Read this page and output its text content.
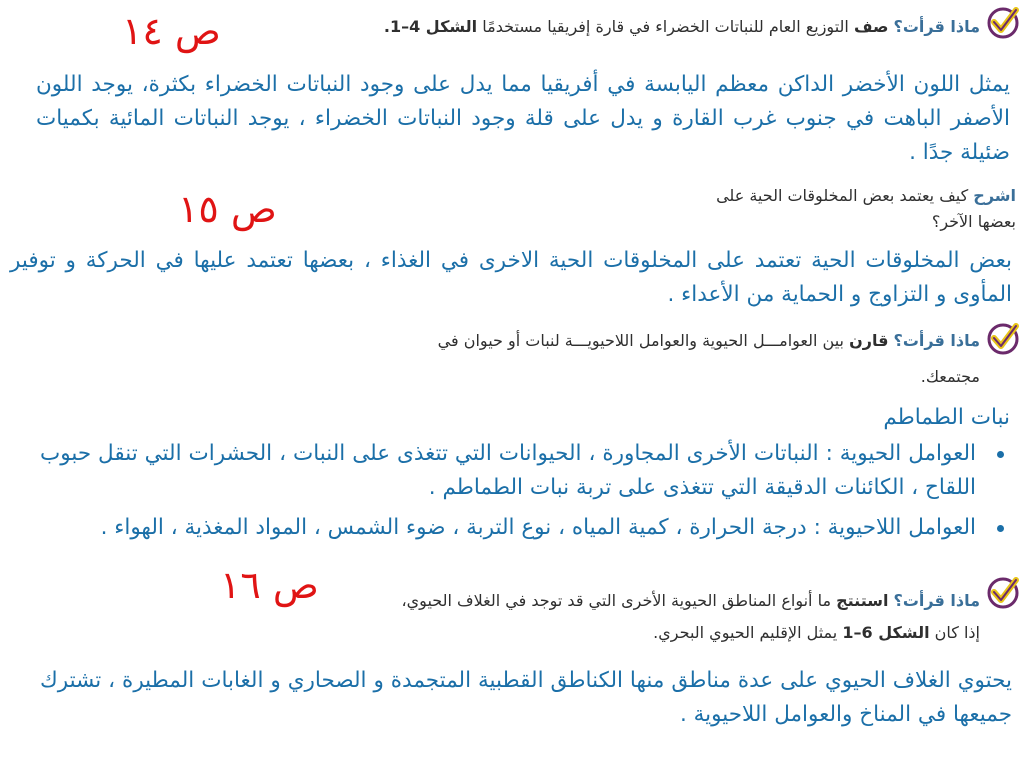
ص ١٤	ماذا قرأت؟ صف التوزيع العام للنباتات الخضراء في قارة إفريقيا مستخدمًا الشكل 4–1.
يمثل اللون الأخضر الداكن معظم اليابسة في أفريقيا مما يدل على وجود النباتات الخضراء بكثرة، يوجد اللون الأصفر الباهت في جنوب غرب القارة و يدل على قلة وجود النباتات الخضراء ، يوجد النباتات المائية بكميات ضئيلة جدًا .
ص ١٥	اشرح كيف يعتمد بعض المخلوقات الحية على
بعضها الآخر؟
بعض المخلوقات الحية تعتمد على المخلوقات الحية الاخرى في الغذاء ، بعضها تعتمد عليها في الحركة و توفير المأوى و التزاوج و الحماية من الأعداء .
ماذا قرأت؟ قارن بين العوامـــل الحيوية والعوامل اللاحيويـــة لنبات أو حيوان في
مجتمعك.
نبات الطماطم
العوامل الحيوية : النباتات الأخرى المجاورة ، الحيوانات التي تتغذى على النبات ، الحشرات التي تنقل حبوب اللقاح ، الكائنات الدقيقة التي تتغذى على تربة نبات الطماطم .
العوامل اللاحيوية : درجة الحرارة ، كمية المياه ، نوع التربة ، ضوء الشمس ، المواد المغذية ، الهواء .
ص ١٦	ماذا قرأت؟ استنتج ما أنواع المناطق الحيوية الأخرى التي قد توجد في الغلاف الحيوي،
إذا كان الشكل 6–1 يمثل الإقليم الحيوي البحري.
يحتوي الغلاف الحيوي على عدة مناطق منها الكناطق القطبية المتجمدة و الصحاري و الغابات المطيرة ، تشترك جميعها في المناخ والعوامل اللاحيوية .
